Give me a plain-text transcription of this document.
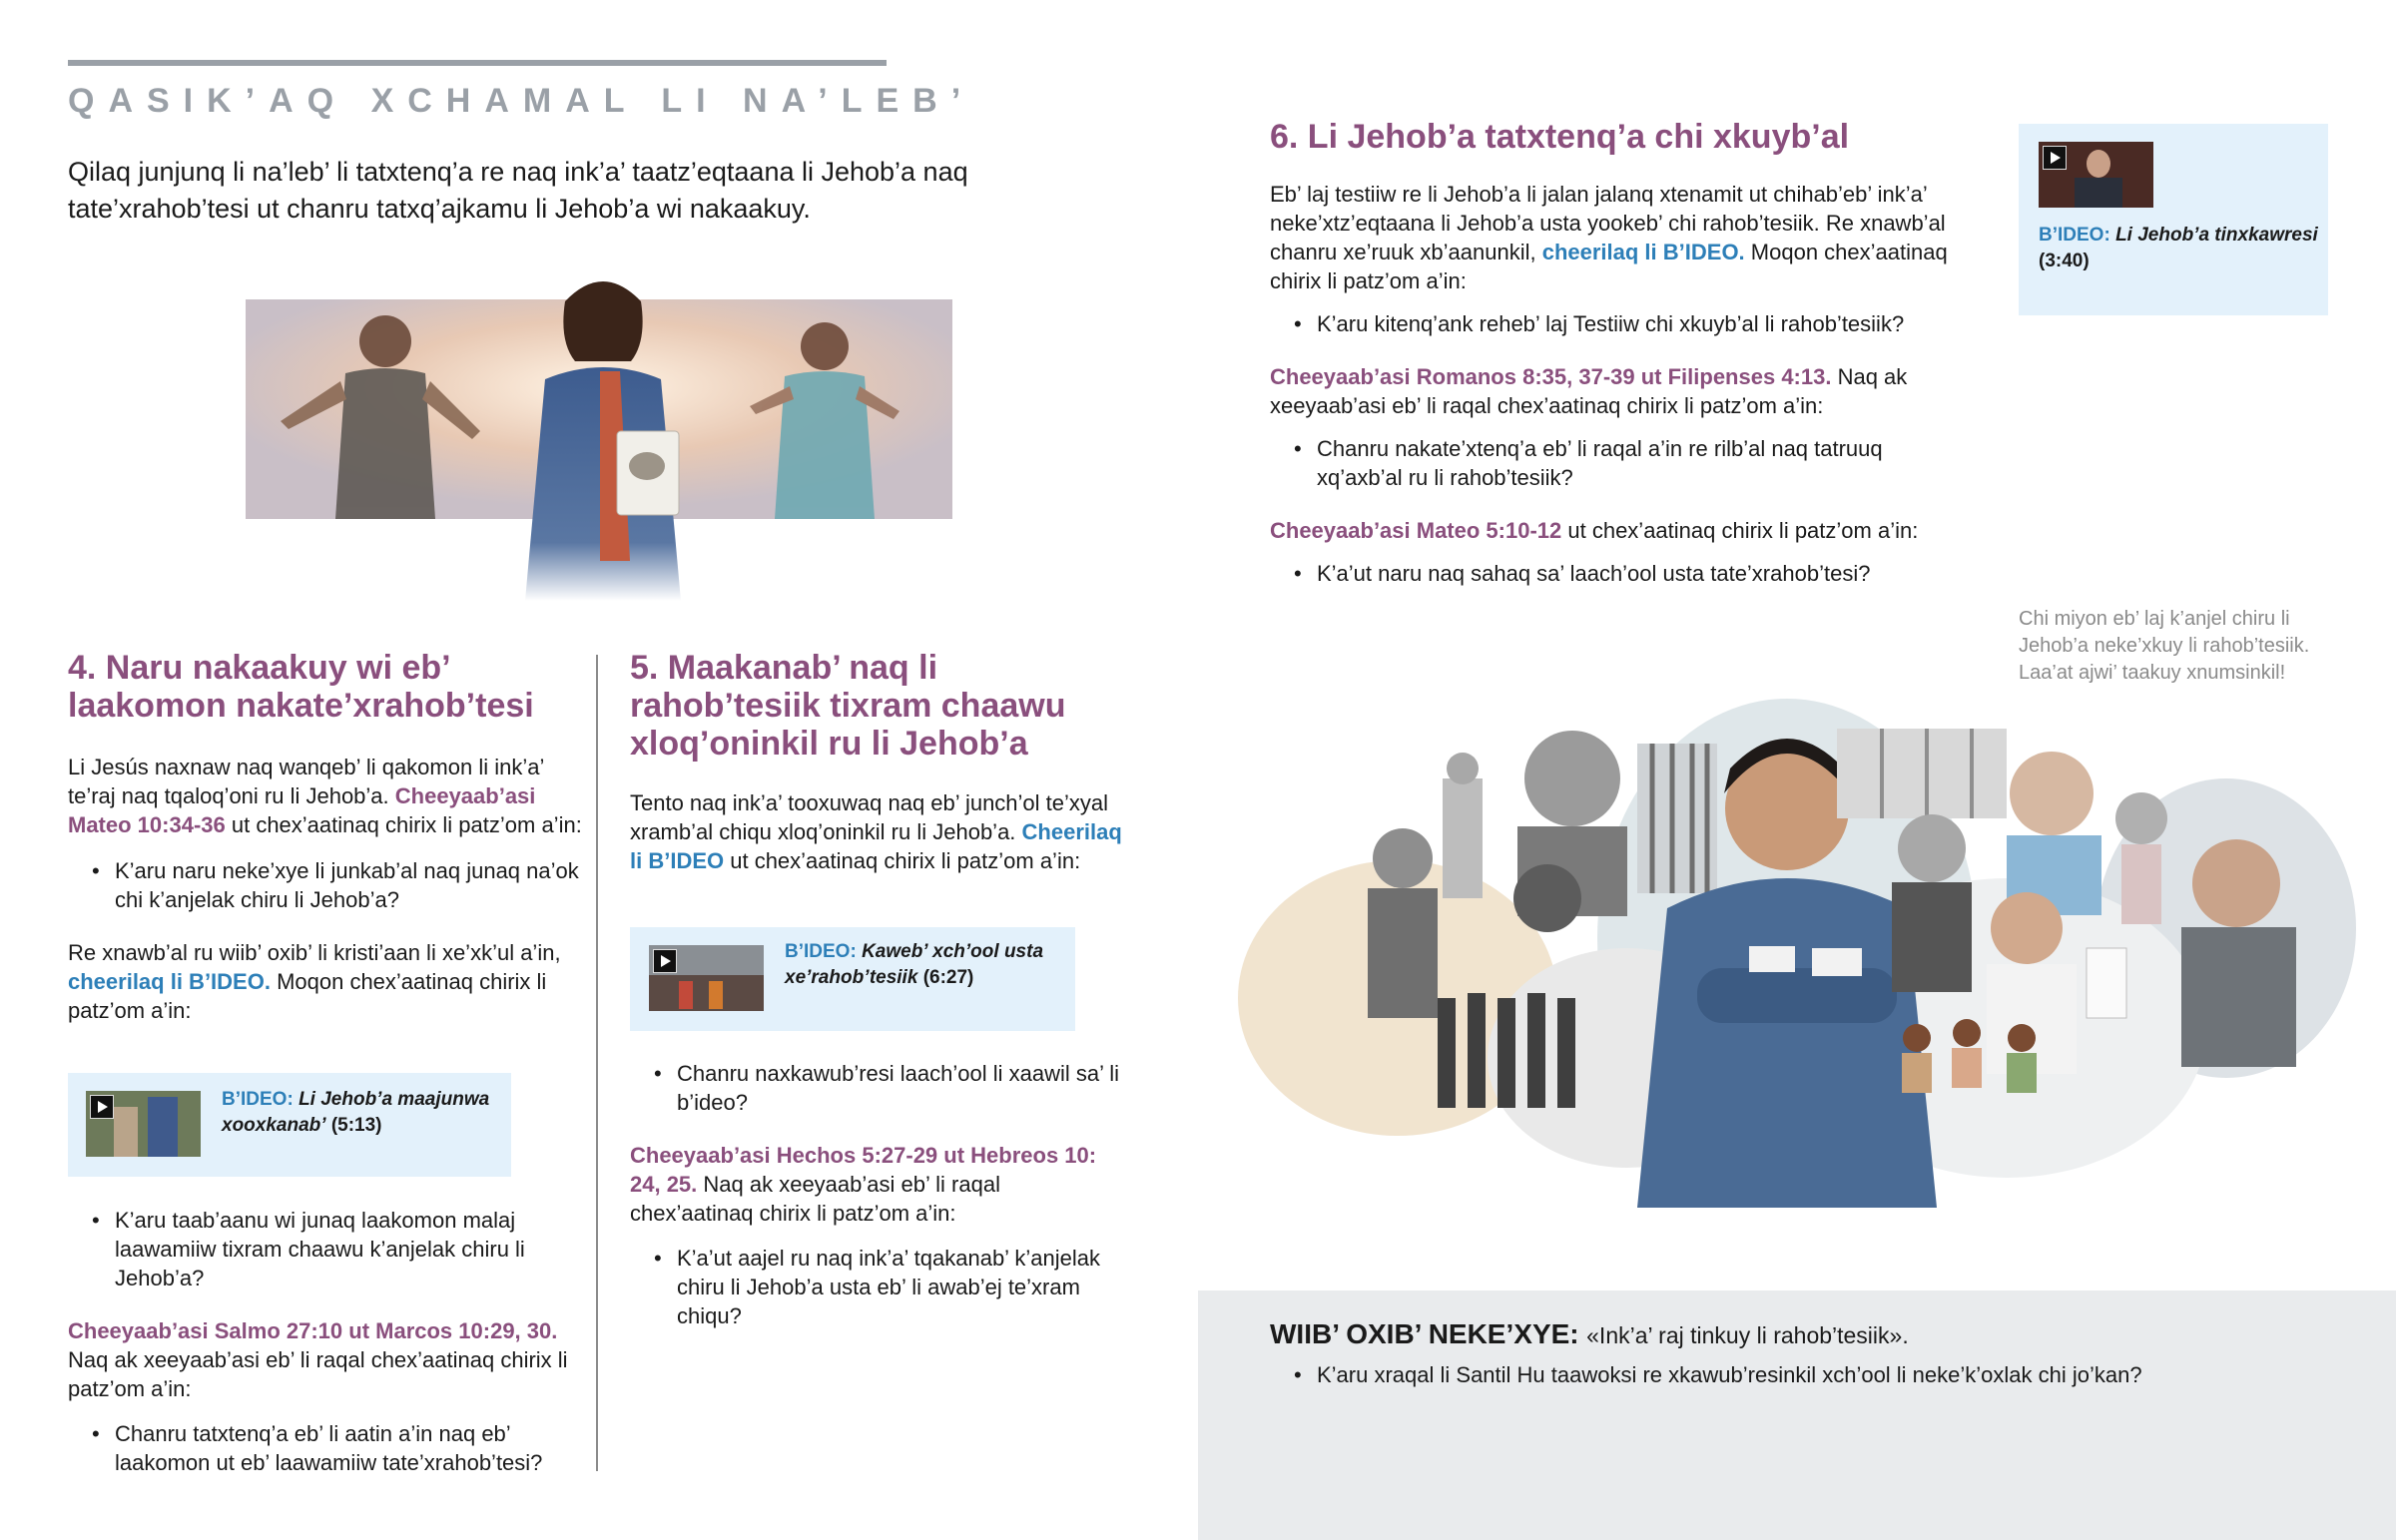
QASIK’AQ XCHAMAL LI NA’LEB’
Qilaq junjunq li na’leb’ li tatxtenq’a re naq ink’a’ taatz’eqtaana li Jehob’a naq tate’xrahob’tesi ut chanru tatxq’ajkamu li Jehob’a wi nakaakuy.
4. Naru nakaakuy wi eb’ laakomon nakate’xrahob’tesi
Li Jesús naxnaw naq wanqeb’ li qakomon li ink’a’ te’raj naq tqaloq’oni ru li Jehob’a. Cheeyaab’asi Mateo 10:34-36 ut chex’aatinaq chirix li patz’om a’in:
• K’aru naru neke’xye li junkab’al naq junaq na’ok chi k’anjelak chiru li Jehob’a?
Re xnawb’al ru wiib’ oxib’ li kristi’aan li xe’xk’ul a’in, cheerilaq li B’IDEO. Moqon chex’aatinaq chirix li patz’om a’in:
B’IDEO: Li Jehob’a maajunwa xooxkanab’ (5:13)
• K’aru taab’aanu wi junaq laakomon malaj laawamiiw tixram chaawu k’anjelak chiru li Jehob’a?
Cheeyaab’asi Salmo 27:10 ut Marcos 10:29, 30. Naq ak xeeyaab’asi eb’ li raqal chex’aatinaq chirix li patz’om a’in:
• Chanru tatxtenq’a eb’ li aatin a’in naq eb’ laakomon ut eb’ laawamiiw tate’xrahob’tesi?
5. Maakanab’ naq li rahob’tesiik tixram chaawu xloq’oninkil ru li Jehob’a
Tento naq ink’a’ tooxuwaq naq eb’ junch’ol te’xyal xramb’al chiqu xloq’oninkil ru li Jehob’a. Cheerilaq li B’IDEO ut chex’aatinaq chirix li patz’om a’in:
B’IDEO: Kaweb’ xch’ool usta xe’rahob’tesiik (6:27)
• Chanru naxkawub’resi laach’ool li xaawil sa’ li b’ideo?
Cheeyaab’asi Hechos 5:27-29 ut Hebreos 10: 24, 25. Naq ak xeeyaab’asi eb’ li raqal chex’aatinaq chirix li patz’om a’in:
• K’a’ut aajel ru naq ink’a’ tqakanab’ k’anjelak chiru li Jehob’a usta eb’ li awab’ej te’xram chiqu?
6. Li Jehob’a tatxtenq’a chi xkuyb’al
Eb’ laj testiiw re li Jehob’a li jalan jalanq xtenamit ut chihab’eb’ ink’a’ neke’xtz’eqtaana li Jehob’a usta yookeb’ chi rahob’tesiik. Re xnawb’al chanru xe’ruuk xb’aanunkil, cheerilaq li B’IDEO. Moqon chex’aatinaq chirix li patz’om a’in:
• K’aru kitenq’ank reheb’ laj Testiiw chi xkuyb’al li rahob’tesiik?
Cheeyaab’asi Romanos 8:35, 37-39 ut Filipenses 4:13. Naq ak xeeyaab’asi eb’ li raqal chex’aatinaq chirix li patz’om a’in:
• Chanru nakate’xtenq’a eb’ li raqal a’in re rilb’al naq tatruuq xq’axb’al ru li rahob’tesiik?
Cheeyaab’asi Mateo 5:10-12 ut chex’aatinaq chirix li patz’om a’in:
• K’a’ut naru naq sahaq sa’ laach’ool usta tate’xrahob’tesi?
B’IDEO: Li Jehob’a tinxkawresi (3:40)
Chi miyon eb’ laj k’anjel chiru li Jehob’a neke’xkuy li rahob’tesiik. Laa’at ajwi’ taakuy xnumsinkil!
WIIB’ OXIB’ NEKE’XYE: «Ink’a’ raj tinkuy li rahob’tesiik».
• K’aru xraqal li Santil Hu taawoksi re xkawub’resinkil xch’ool li neke’k’oxlak chi jo’kan?
